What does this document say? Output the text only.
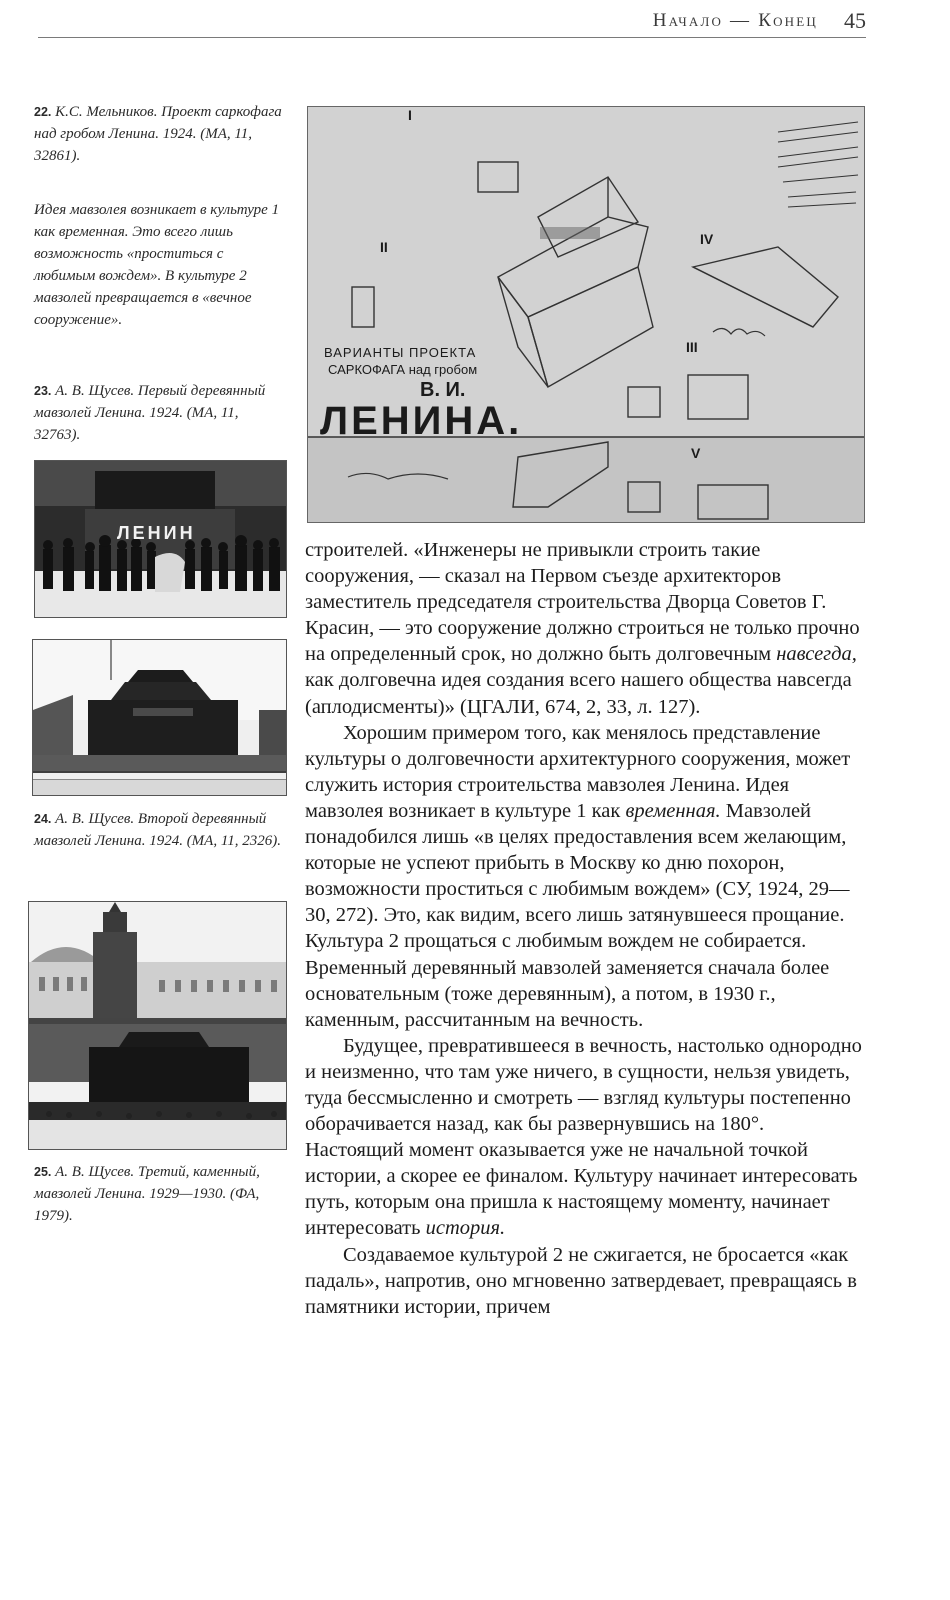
Начало — Конец	45
22. К.С. Мельников. Проект саркофага над гробом Ленина. 1924. (МА, 11, 32861).
Идея мавзолея возникает в культуре 1 как временная. Это всего лишь возможность «проститься с любимым вождем». В культуре 2 мавзолей превращается в «вечное сооружение».
23. А. В. Щусев. Первый деревянный мавзолей Ленина. 1924. (МА, 11, 32763).
ЛЕНИН
24. А. В. Щусев. Второй деревянный мавзолей Ленина. 1924. (МА, 11, 2326).
25. А. В. Щусев. Третий, каменный, мавзолей Ленина. 1929—1930. (ФА, 1979).
ВАРИАНТЫ ПРОЕКТА
САРКОФАГА над гробом
В. И.
ЛЕНИНА.
I
II
III
IV
V

строителей. «Инженеры не привыкли строить такие сооружения, — сказал на Первом съезде архитекторов заместитель председателя строительства Дворца Советов Г. Красин, — это сооружение должно строиться не только прочно на определенный срок, но должно быть долговечным навсегда, как долговечна идея создания всего нашего общества навсегда (аплодисменты)» (ЦГАЛИ, 674, 2, 33, л. 127).

Хорошим примером того, как менялось представление культуры о долговечности архитектурного сооружения, может служить история строительства мавзолея Ленина. Идея мавзолея возникает в культуре 1 как временная. Мавзолей понадобился лишь «в целях предоставления всем желающим, которые не успеют прибыть в Москву ко дню похорон, возможности проститься с любимым вождем» (СУ, 1924, 29—30, 272). Это, как видим, всего лишь затянувшееся прощание. Культура 2 прощаться с любимым вождем не собирается. Временный деревянный мавзолей заменяется сначала более основательным (тоже деревянным), а потом, в 1930 г., каменным, рассчитанным на вечность.

Будущее, превратившееся в вечность, настолько однородно и неизменно, что там уже ничего, в сущности, нельзя увидеть, туда бессмысленно и смотреть — взгляд культуры постепенно оборачивается назад, как бы развернувшись на 180°. Настоящий момент оказывается уже не начальной точкой истории, а скорее ее финалом. Культуру начинает интересовать путь, которым она пришла к настоящему моменту, начинает интересовать история.

Создаваемое культурой 2 не сжигается, не бросается «как падаль», напротив, оно мгновенно затвердевает, превращаясь в памятники истории, причем
